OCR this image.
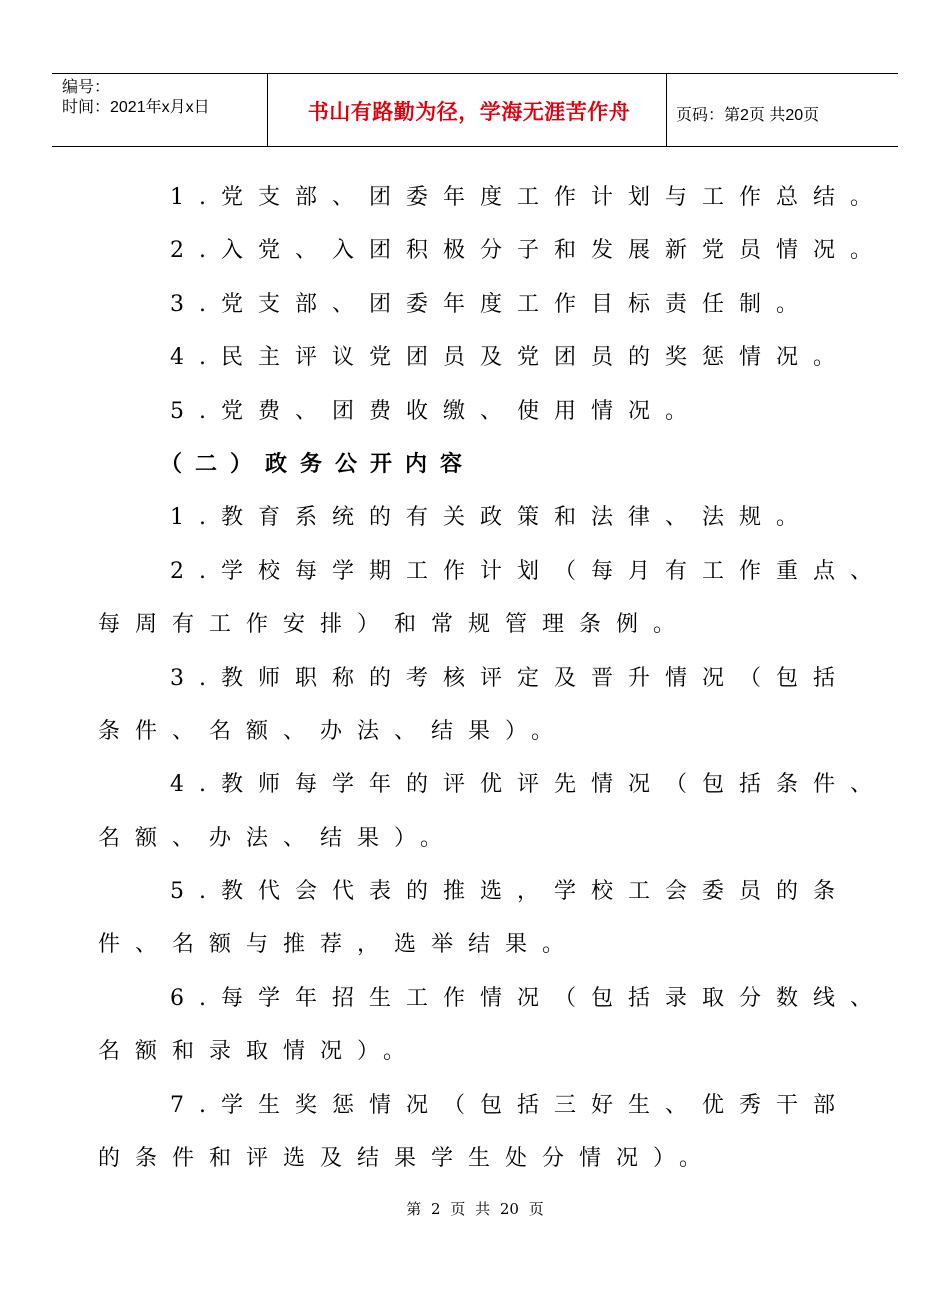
编号：
时间：2021年x月x日	书山有路勤为径，学海无涯苦作舟	页码：第2页 共20页
1.党支部、团委年度工作计划与工作总结。
2.入党、入团积极分子和发展新党员情况。
3.党支部、团委年度工作目标责任制。
4.民主评议党团员及党团员的奖惩情况。
5.党费、团费收缴、使用情况。
（二）政务公开内容
1.教育系统的有关政策和法律、法规。
2.学校每学期工作计划（每月有工作重点、
每周有工作安排）和常规管理条例。
3.教师职称的考核评定及晋升情况（包括
条件、名额、办法、结果）。
4.教师每学年的评优评先情况（包括条件、
名额、办法、结果）。
5.教代会代表的推选，学校工会委员的条
件、名额与推荐，选举结果。
6.每学年招生工作情况（包括录取分数线、
名额和录取情况）。
7.学生奖惩情况（包括三好生、优秀干部
的条件和评选及结果学生处分情况）。
第 2 页 共 20 页
